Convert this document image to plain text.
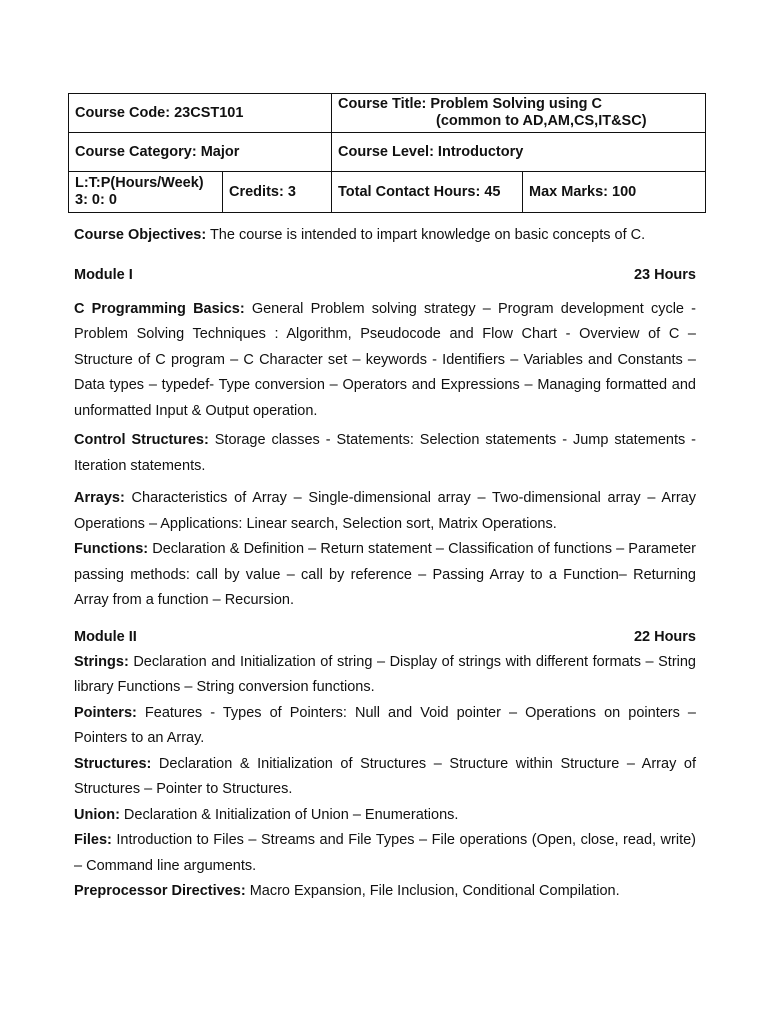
Course Code: 23CST101		Course Title: Problem Solving using C
(common to AD,AM,CS,IT&SC)	

Course Category: Major		Course Level: Introductory	
L:T:P(Hours/Week)
3: 0: 0	Credits: 3	Total Contact Hours: 45	Max Marks: 100
Course Objectives: The course is intended to impart knowledge on basic concepts of C.
Module I	23 Hours
C Programming Basics: General Problem solving strategy – Program development cycle - Problem Solving Techniques : Algorithm, Pseudocode and Flow Chart - Overview of C – Structure of C program – C Character set – keywords - Identifiers – Variables and Constants – Data types – typedef- Type conversion – Operators and Expressions – Managing formatted and unformatted Input & Output operation.
Control Structures: Storage classes - Statements: Selection statements - Jump statements - Iteration statements.
Arrays: Characteristics of Array – Single-dimensional array – Two-dimensional array – Array Operations – Applications: Linear search, Selection sort, Matrix Operations.
Functions: Declaration & Definition – Return statement – Classification of functions – Parameter passing methods: call by value – call by reference – Passing Array to a Function– Returning Array from a function – Recursion.
Module II	22 Hours
Strings: Declaration and Initialization of string – Display of strings with different formats – String library Functions – String conversion functions.
Pointers: Features - Types of Pointers: Null and Void pointer – Operations on pointers – Pointers to an Array.
Structures: Declaration & Initialization of Structures – Structure within Structure – Array of Structures – Pointer to Structures.
Union: Declaration & Initialization of Union – Enumerations.
Files: Introduction to Files – Streams and File Types – File operations (Open, close, read, write) – Command line arguments.
Preprocessor Directives: Macro Expansion, File Inclusion, Conditional Compilation.
